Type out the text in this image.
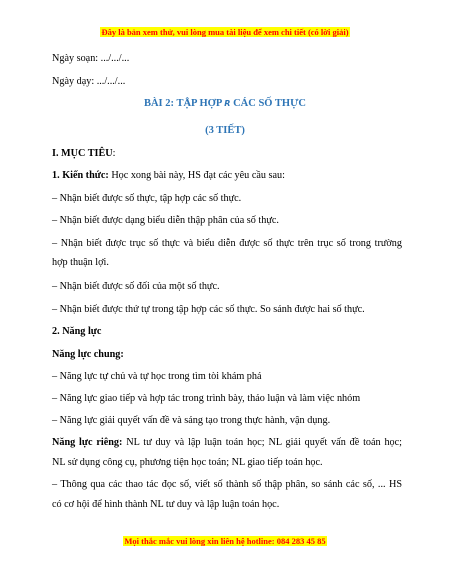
Đây là bản xem thử, vui lòng mua tài liệu để xem chi tiết (có lời giải)
Ngày soạn: .../.../...
Ngày dạy: .../.../...
BÀI 2: TẬP HỢP R CÁC SỐ THỰC
(3 TIẾT)
I. MỤC TIÊU:
1. Kiến thức: Học xong bài này, HS đạt các yêu cầu sau:
– Nhận biết được số thực, tập hợp các số thực.
– Nhận biết được dạng biểu diễn thập phân của số thực.
– Nhận biết được trục số thực và biểu diễn được số thực trên trục số trong trường
hợp thuận lợi.
– Nhận biết được số đối của một số thực.
– Nhận biết được thứ tự trong tập hợp các số thực. So sánh được hai số thực.
2. Năng lực
Năng lực chung:
– Năng lực tự chủ và tự học trong tìm tòi khám phá
– Năng lực giao tiếp và hợp tác trong trình bày, thảo luận và làm việc nhóm
– Năng lực giải quyết vấn đề và sáng tạo trong thực hành, vận dụng.
Năng lực riêng: NL tư duy và lập luận toán học; NL giải quyết vấn đề toán học;
NL sử dụng công cụ, phương tiện học toán; NL giao tiếp toán học.
– Thông qua các thao tác đọc số, viết số thành số thập phân, so sánh các số, ... HS
có cơ hội để hình thành NL tư duy và lập luận toán học.
Mọi thắc mắc vui lòng xin liên hệ hotline: 084 283 45 85
